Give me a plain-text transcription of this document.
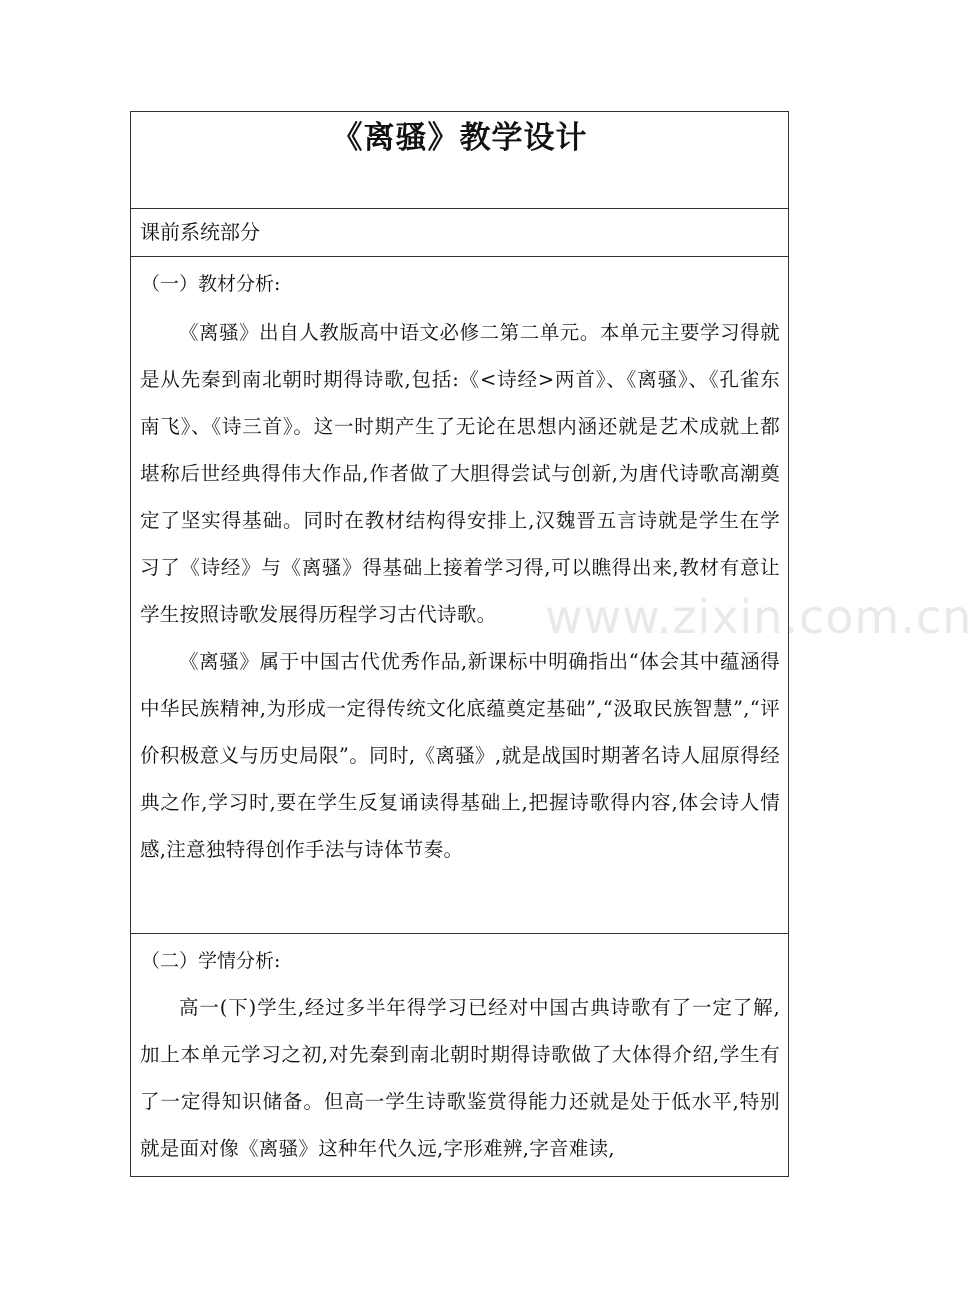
《离骚》教学设计

课前系统部分

（一）教材分析:

《离骚》出自人教版高中语文必修二第二单元。本单元主要学习得就是从先秦到南北朝时期得诗歌,包括:《<诗经>两首》、《离骚》、《孔雀东南飞》、《诗三首》。这一时期产生了无论在思想内涵还就是艺术成就上都堪称后世经典得伟大作品,作者做了大胆得尝试与创新,为唐代诗歌高潮奠定了坚实得基础。同时在教材结构得安排上,汉魏晋五言诗就是学生在学习了《诗经》与《离骚》得基础上接着学习得,可以瞧得出来,教材有意让学生按照诗歌发展得历程学习古代诗歌。

《离骚》属于中国古代优秀作品,新课标中明确指出“体会其中蕴涵得中华民族精神,为形成一定得传统文化底蕴奠定基础”,“汲取民族智慧”,“评价积极意义与历史局限”。同时,《离骚》,就是战国时期著名诗人屈原得经典之作,学习时,要在学生反复诵读得基础上,把握诗歌得内容,体会诗人情感,注意独特得创作手法与诗体节奏。

（二）学情分析:

高一(下)学生,经过多半年得学习已经对中国古典诗歌有了一定了解,加上本单元学习之初,对先秦到南北朝时期得诗歌做了大体得介绍,学生有了一定得知识储备。但高一学生诗歌鉴赏得能力还就是处于低水平,特别就是面对像《离骚》这种年代久远,字形难辨,字音难读,

www.zixin.com.cn
